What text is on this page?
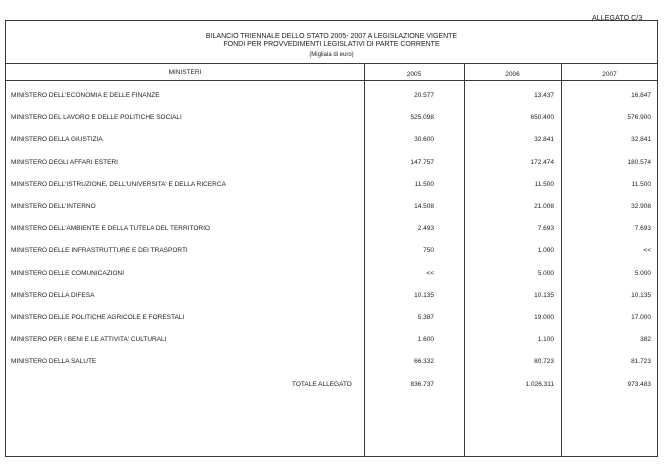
ALLEGATO C/3
BILANCIO TRIENNALE DELLO STATO 2005- 2007 A LEGISLAZIONE VIGENTE
FONDI PER PROVVEDIMENTI LEGISLATIVI DI PARTE CORRENTE
(Migliaia di euro)
MINISTERI	2005	2006	2007
MINISTERO DELL'ECONOMIA E DELLE FINANZE	20.577	13.437	16.847
MINISTERO DEL LAVORO E DELLE POLITICHE SOCIALI	525.098	650.400	576.900
MINISTERO DELLA GIUSTIZIA	30.600	32.841	32.841
MINISTERO DEGLI AFFARI ESTERI	147.757	172.474	180.574
MINISTERO DELL'ISTRUZIONE, DELL'UNIVERSITA' E DELLA RICERCA	11.500	11.500	11.500
MINISTERO DELL'INTERNO	14.508	21.008	32.908
MINISTERO DELL'AMBIENTE E DELLA TUTELA DEL TERRITORIO	2.493	7.693	7.693
MINISTERO DELLE INFRASTRUTTURE E DEI TRASPORTI	750	1.000	<<
MINISTERO DELLE COMUNICAZIONI	<<	5.000	5.000
MINISTERO DELLA DIFESA	10.135	10.135	10.135
MINISTERO DELLE POLITICHE AGRICOLE E FORESTALI	5.387	19.000	17.000
MINISTERO PER I BENI E LE ATTIVITA' CULTURALI	1.600	1.100	382
MINISTERO DELLA SALUTE	66.332	80.723	81.723
TOTALE ALLEGATO	836.737	1.026.311	973.483
